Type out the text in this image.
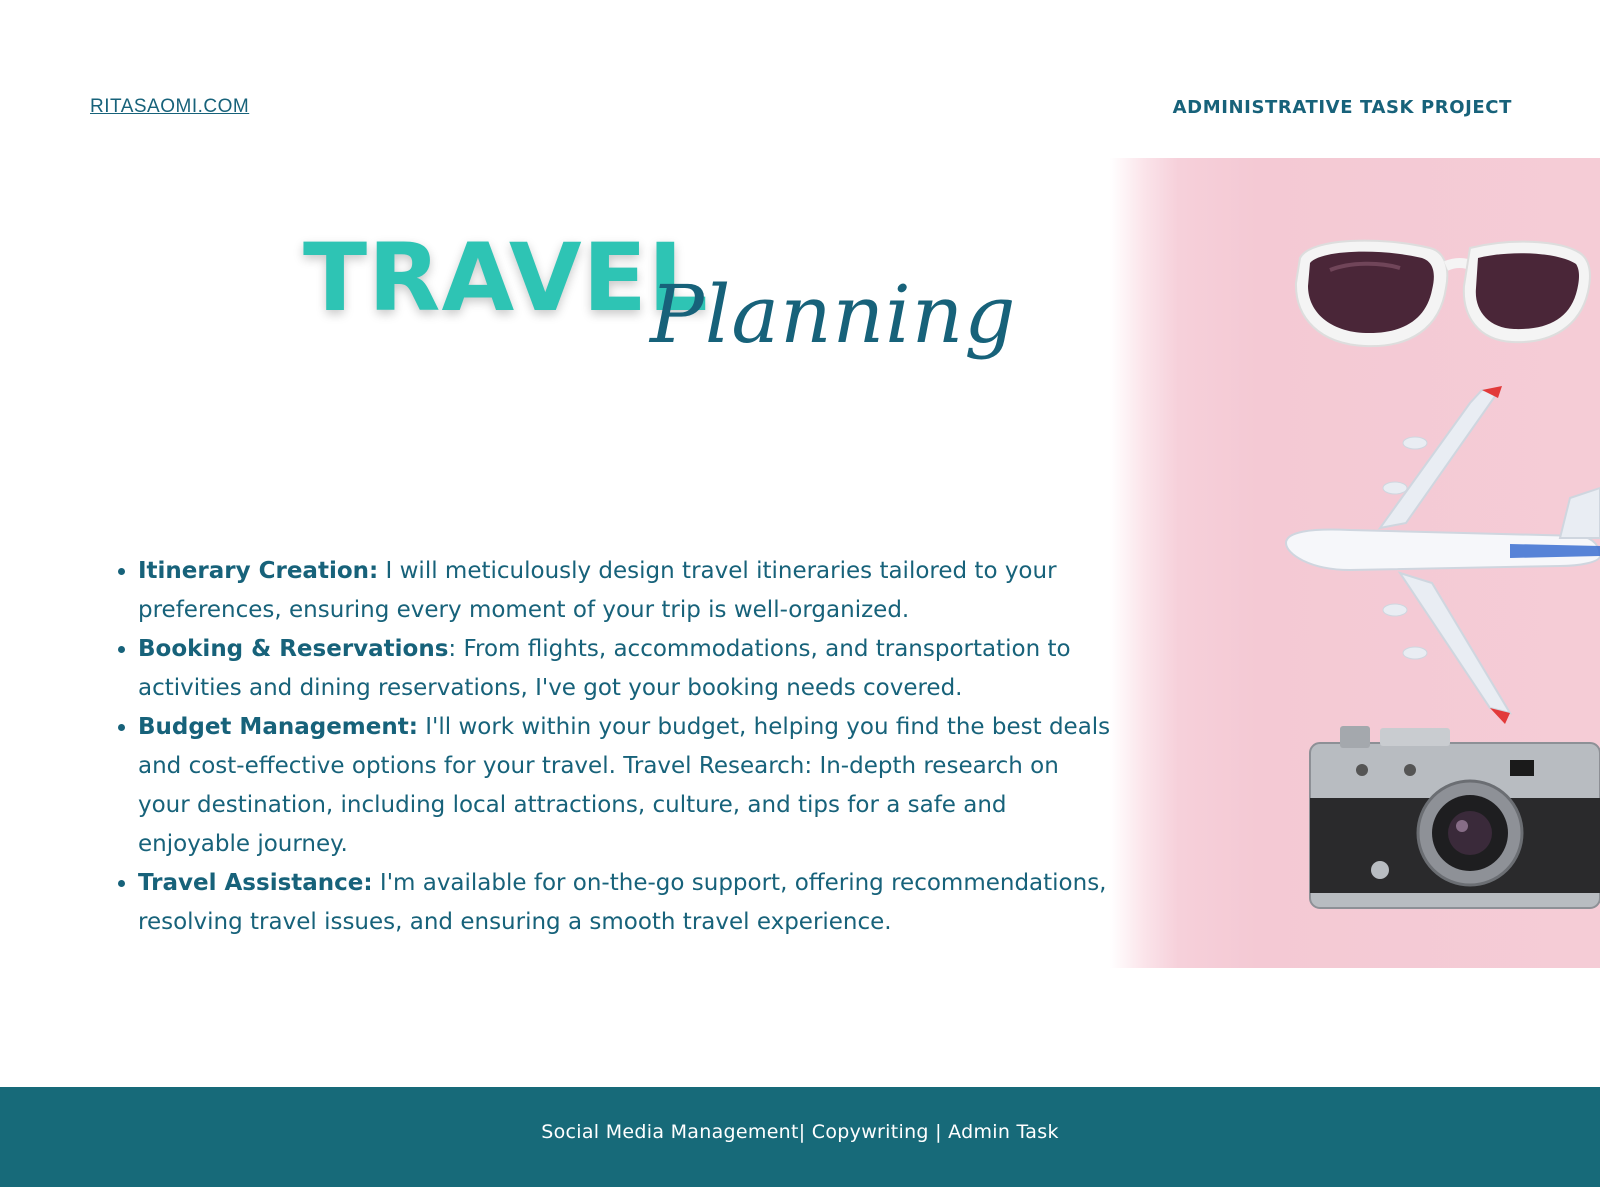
RITASAOMI.COM	ADMINISTRATIVE TASK PROJECT
TRAVEL
Planning
Itinerary Creation: I will meticulously design travel itineraries tailored to your preferences, ensuring every moment of your trip is well-organized.
Booking & Reservations: From flights, accommodations, and transportation to activities and dining reservations, I've got your booking needs covered.
Budget Management: I'll work within your budget, helping you find the best deals and cost-effective options for your travel. Travel Research: In-depth research on your destination, including local attractions, culture, and tips for a safe and enjoyable journey.
Travel Assistance: I'm available for on-the-go support, offering recommendations, resolving travel issues, and ensuring a smooth travel experience.
Social Media Management| Copywriting | Admin Task
